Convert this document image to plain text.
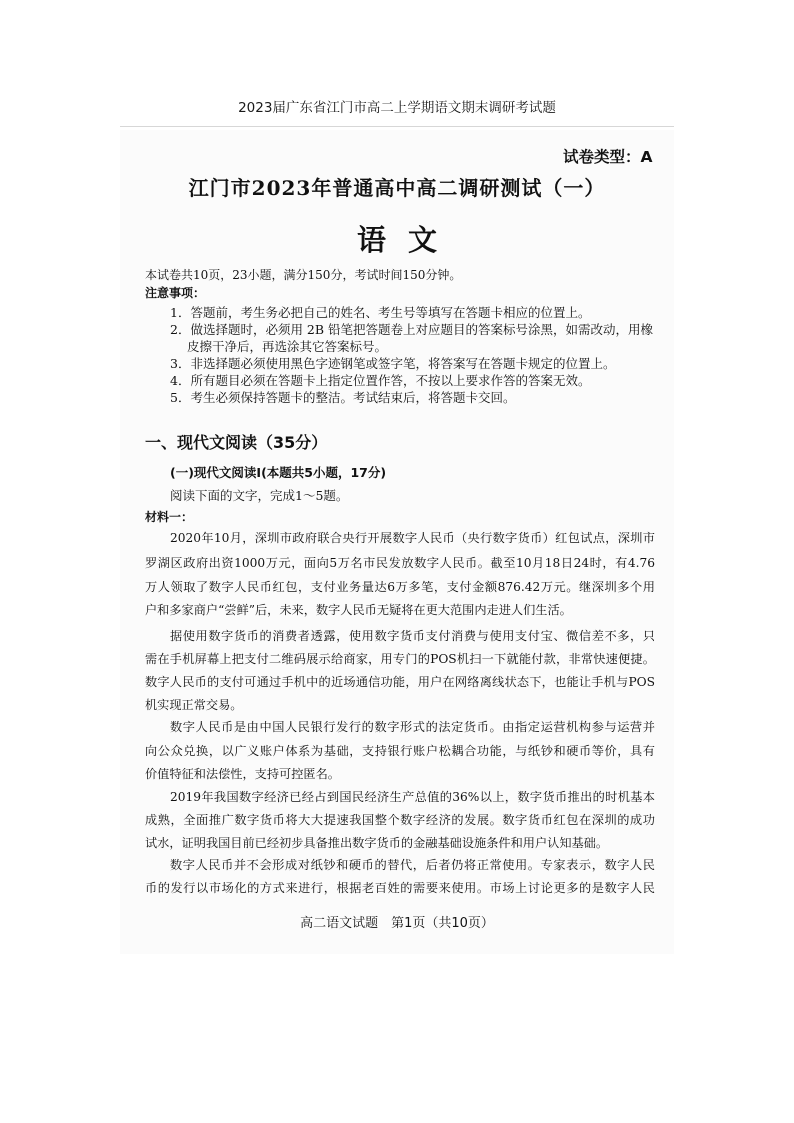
2023届广东省江门市高二上学期语文期末调研考试题
试卷类型：A
江门市2023年普通高中高二调研测试（一）
语 文
本试卷共10页，23小题，满分150分，考试时间150分钟。
注意事项：
1．答题前，考生务必把自己的姓名、考生号等填写在答题卡相应的位置上。
2．做选择题时，必须用 2B 铅笔把答题卷上对应题目的答案标号涂黑，如需改动，用橡
皮擦干净后，再选涂其它答案标号。
3．非选择题必须使用黑色字迹钢笔或签字笔，将答案写在答题卡规定的位置上。
4．所有题目必须在答题卡上指定位置作答，不按以上要求作答的答案无效。
5．考生必须保持答题卡的整洁。考试结束后，将答题卡交回。
一、现代文阅读（35分）
(一)现代文阅读Ⅰ(本题共5小题，17分)
阅读下面的文字，完成1～5题。
材料一：
2020年10月，深圳市政府联合央行开展数字人民币（央行数字货币）红包试点，深圳市
罗湖区政府出资1000万元，面向5万名市民发放数字人民币。截至10月18日24时，有4.76
万人领取了数字人民币红包，支付业务量达6万多笔，支付金额876.42万元。继深圳多个用
户和多家商户“尝鲜”后，未来，数字人民币无疑将在更大范围内走进人们生活。
据使用数字货币的消费者透露，使用数字货币支付消费与使用支付宝、微信差不多，只
需在手机屏幕上把支付二维码展示给商家，用专门的POS机扫一下就能付款，非常快速便捷。
数字人民币的支付可通过手机中的近场通信功能，用户在网络离线状态下，也能让手机与POS
机实现正常交易。
数字人民币是由中国人民银行发行的数字形式的法定货币。由指定运营机构参与运营并
向公众兑换，以广义账户体系为基础，支持银行账户松耦合功能，与纸钞和硬币等价，具有
价值特征和法偿性，支持可控匿名。
2019年我国数字经济已经占到国民经济生产总值的36%以上，数字货币推出的时机基本
成熟，全面推广数字货币将大大提速我国整个数字经济的发展。数字货币红包在深圳的成功
试水，证明我国目前已经初步具备推出数字货币的金融基础设施条件和用户认知基础。
数字人民币并不会形成对纸钞和硬币的替代，后者仍将正常使用。专家表示，数字人民
币的发行以市场化的方式来进行，根据老百姓的需要来使用。市场上讨论更多的是数字人民
高二语文试题　第1页（共10页）
